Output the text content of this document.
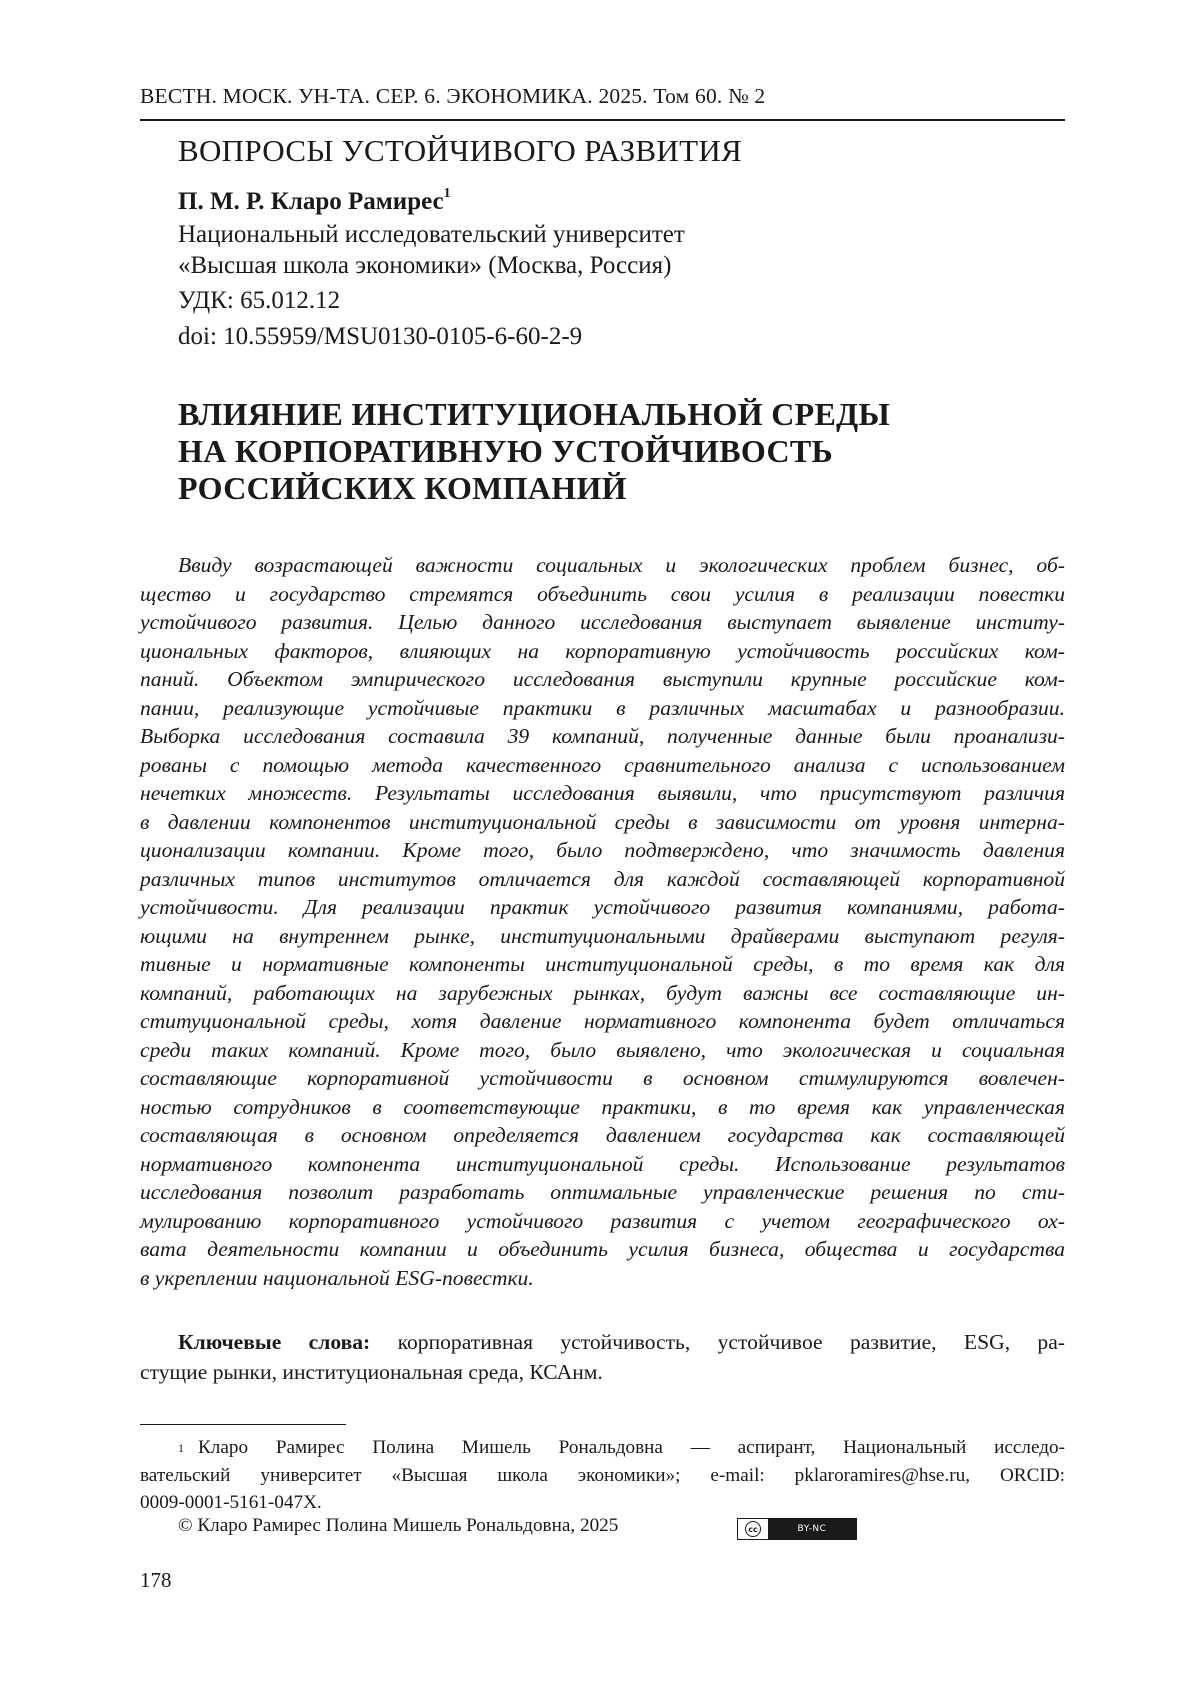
ВЕСТН. МОСК. УН-ТА. СЕР. 6. ЭКОНОМИКА. 2025. Том 60. № 2
ВОПРОСЫ УСТОЙЧИВОГО РАЗВИТИЯ
П. М. Р. Кларо Рамирес$^1$
Национальный исследовательский университет
«Высшая школа экономики» (Москва, Россия)
УДК: 65.012.12
doi: 10.55959/MSU0130-0105-6-60-2-9
ВЛИЯНИЕ ИНСТИТУЦИОНАЛЬНОЙ СРЕДЫ
НА КОРПОРАТИВНУЮ УСТОЙЧИВОСТЬ
РОССИЙСКИХ КОМПАНИЙ
Ввиду возрастающей важности социальных и экологических проблем бизнес, об-
щество и государство стремятся объединить свои усилия в реализации повестки
устойчивого развития. Целью данного исследования выступает выявление институ-
циональных факторов, влияющих на корпоративную устойчивость российских ком-
паний. Объектом эмпирического исследования выступили крупные российские ком-
пании, реализующие устойчивые практики в различных масштабах и разнообразии.
Выборка исследования составила 39 компаний, полученные данные были проанализи-
рованы с помощью метода качественного сравнительного анализа с использованием
нечетких множеств. Результаты исследования выявили, что присутствуют различия
в давлении компонентов институциональной среды в зависимости от уровня интерна-
ционализации компании. Кроме того, было подтверждено, что значимость давления
различных типов институтов отличается для каждой составляющей корпоративной
устойчивости. Для реализации практик устойчивого развития компаниями, работа-
ющими на внутреннем рынке, институциональными драйверами выступают регуля-
тивные и нормативные компоненты институциональной среды, в то время как для
компаний, работающих на зарубежных рынках, будут важны все составляющие ин-
ституциональной среды, хотя давление нормативного компонента будет отличаться
среди таких компаний. Кроме того, было выявлено, что экологическая и социальная
составляющие корпоративной устойчивости в основном стимулируются вовлечен-
ностью сотрудников в соответствующие практики, в то время как управленческая
составляющая в основном определяется давлением государства как составляющей
нормативного компонента институциональной среды. Использование результатов
исследования позволит разработать оптимальные управленческие решения по сти-
мулированию корпоративного устойчивого развития с учетом географического ох-
вата деятельности компании и объединить усилия бизнеса, общества и государства
в укреплении национальной ESG-повестки.
Ключевые слова: корпоративная устойчивость, устойчивое развитие, ESG, ра-
стущие рынки, институциональная среда, КСАнм.
$^1$ Кларо Рамирес Полина Мишель Рональдовна — аспирант, Национальный исследо-
вательский университет «Высшая школа экономики»; e-mail: pklaroramires@hse.ru, ORCID:
0009-0001-5161-047X.
© Кларо Рамирес Полина Мишель Рональдовна, 2025	cc	BY-NC
178
